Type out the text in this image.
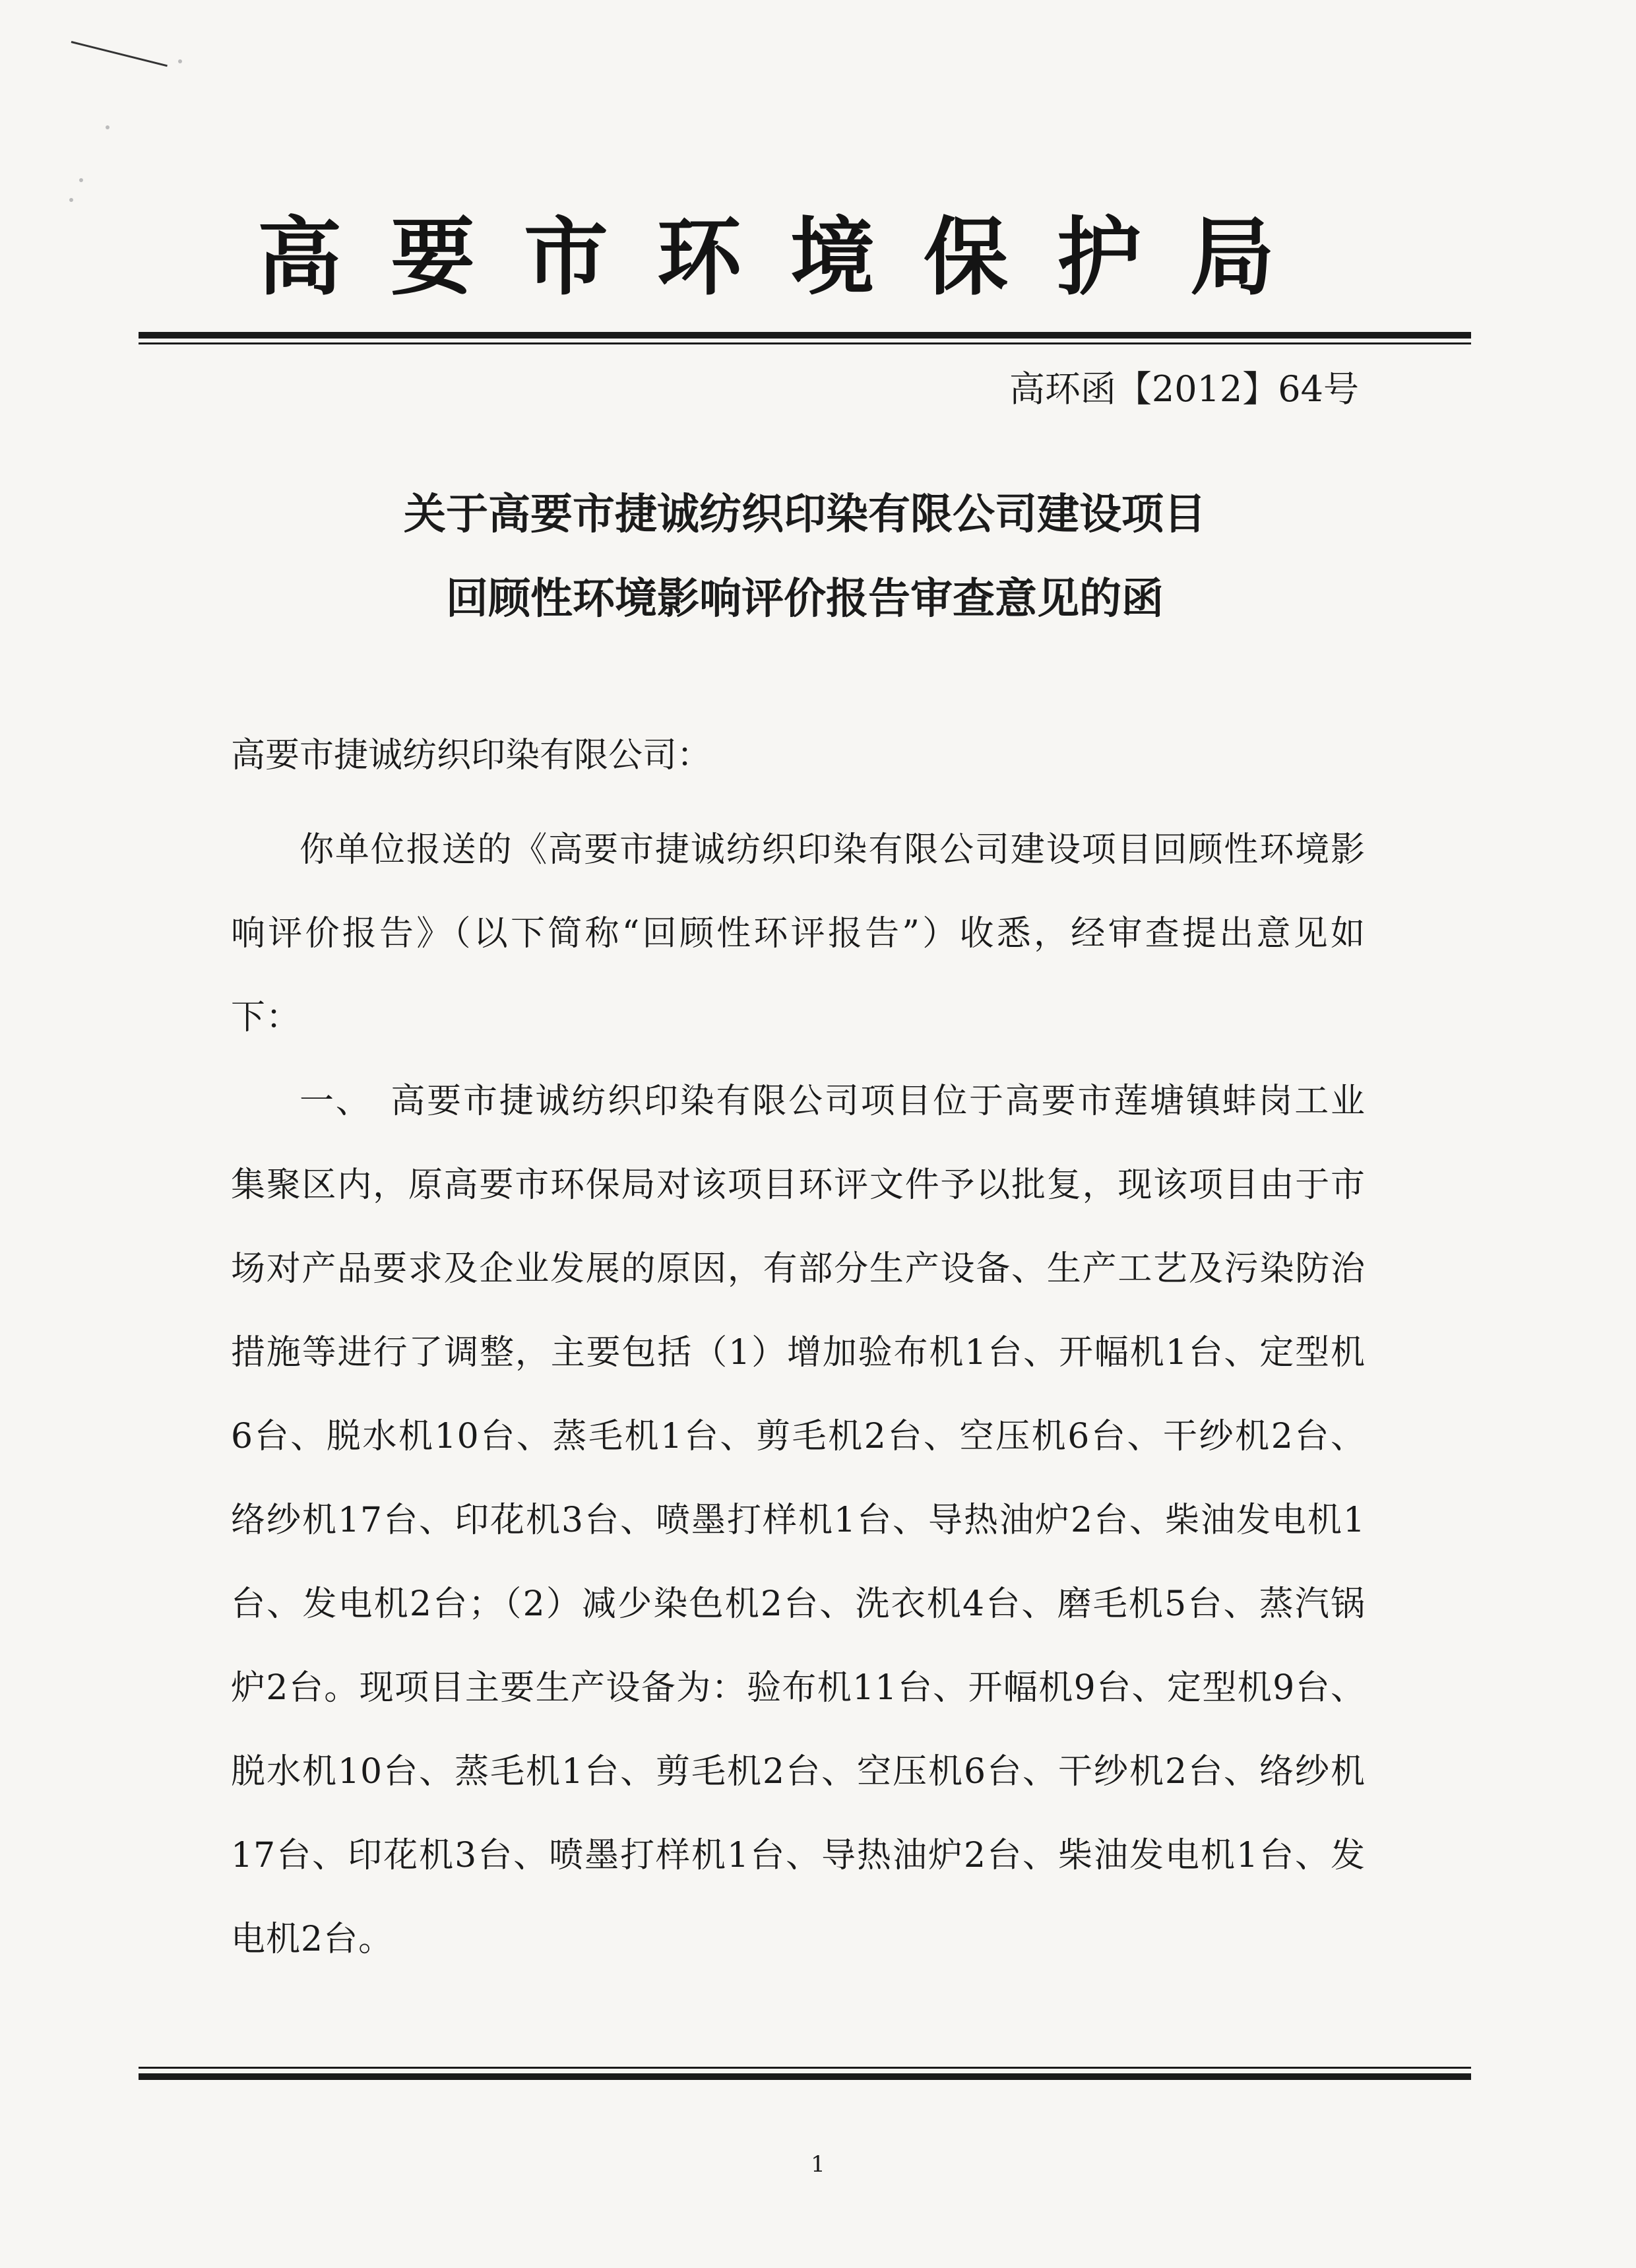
高要市环境保护局
高环函【2012】64号
关于高要市捷诚纺织印染有限公司建设项目
回顾性环境影响评价报告审查意见的函
高要市捷诚纺织印染有限公司：
你单位报送的《高要市捷诚纺织印染有限公司建设项目回顾性环境影响评价报告》（以下简称“回顾性环评报告”）收悉，经审查提出意见如下：
一、　高要市捷诚纺织印染有限公司项目位于高要市莲塘镇蚌岗工业集聚区内，原高要市环保局对该项目环评文件予以批复，现该项目由于市场对产品要求及企业发展的原因，有部分生产设备、生产工艺及污染防治措施等进行了调整，主要包括（1）增加验布机1台、开幅机1台、定型机6台、脱水机10台、蒸毛机1台、剪毛机2台、空压机6台、干纱机2台、络纱机17台、印花机3台、喷墨打样机1台、导热油炉2台、柴油发电机1台、发电机2台；（2）减少染色机2台、洗衣机4台、磨毛机5台、蒸汽锅炉2台。现项目主要生产设备为：验布机11台、开幅机9台、定型机9台、脱水机10台、蒸毛机1台、剪毛机2台、空压机6台、干纱机2台、络纱机17台、印花机3台、喷墨打样机1台、导热油炉2台、柴油发电机1台、发电机2台。
1
